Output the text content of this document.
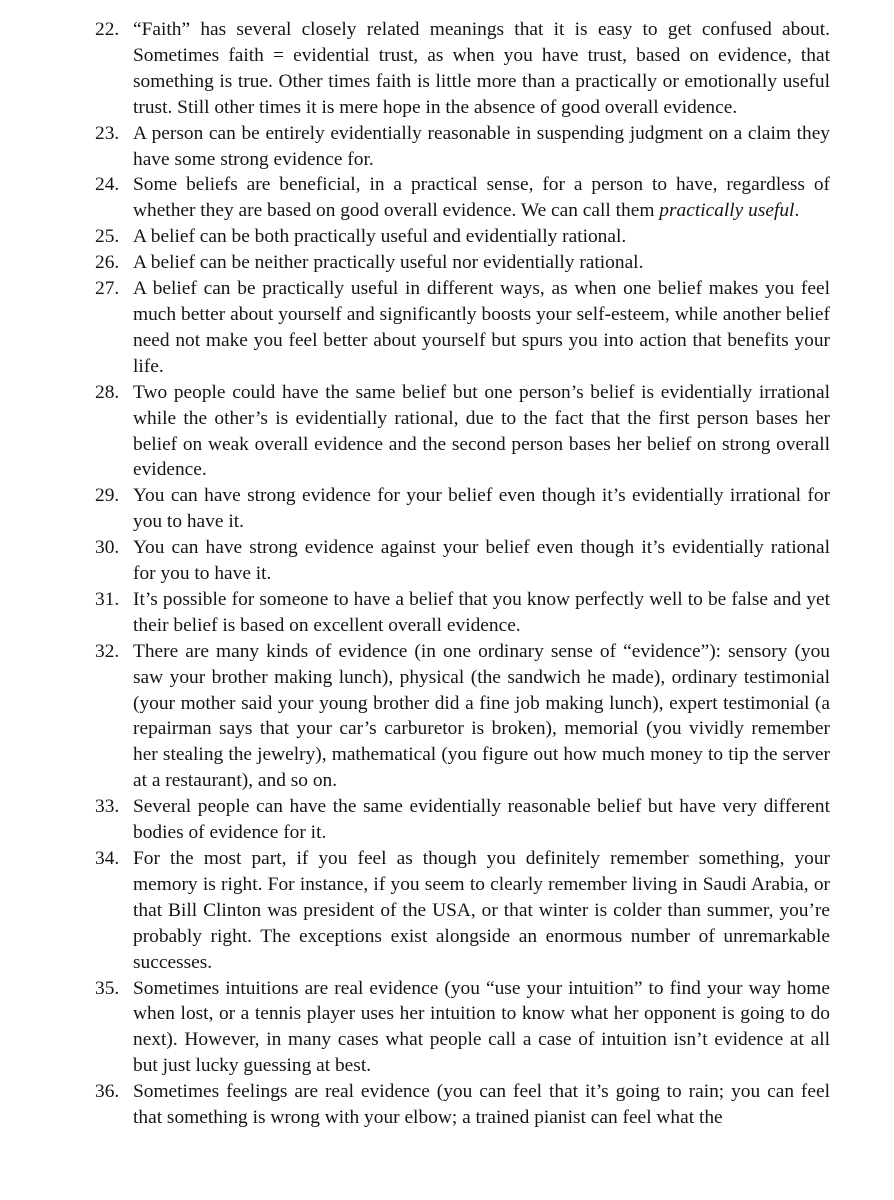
22. “Faith” has several closely related meanings that it is easy to get confused about. Sometimes faith = evidential trust, as when you have trust, based on evidence, that something is true. Other times faith is little more than a practically or emotionally useful trust. Still other times it is mere hope in the absence of good overall evidence.
23. A person can be entirely evidentially reasonable in suspending judgment on a claim they have some strong evidence for.
24. Some beliefs are beneficial, in a practical sense, for a person to have, regardless of whether they are based on good overall evidence. We can call them practically useful.
25. A belief can be both practically useful and evidentially rational.
26. A belief can be neither practically useful nor evidentially rational.
27. A belief can be practically useful in different ways, as when one belief makes you feel much better about yourself and significantly boosts your self-esteem, while another belief need not make you feel better about yourself but spurs you into action that benefits your life.
28. Two people could have the same belief but one person’s belief is evidentially irrational while the other’s is evidentially rational, due to the fact that the first person bases her belief on weak overall evidence and the second person bases her belief on strong overall evidence.
29. You can have strong evidence for your belief even though it’s evidentially irrational for you to have it.
30. You can have strong evidence against your belief even though it’s evidentially rational for you to have it.
31. It’s possible for someone to have a belief that you know perfectly well to be false and yet their belief is based on excellent overall evidence.
32. There are many kinds of evidence (in one ordinary sense of “evidence”): sensory (you saw your brother making lunch), physical (the sandwich he made), ordinary testimonial (your mother said your young brother did a fine job making lunch), expert testimonial (a repairman says that your car’s carburetor is broken), memorial (you vividly remember her stealing the jewelry), mathematical (you figure out how much money to tip the server at a restaurant), and so on.
33. Several people can have the same evidentially reasonable belief but have very different bodies of evidence for it.
34. For the most part, if you feel as though you definitely remember something, your memory is right. For instance, if you seem to clearly remember living in Saudi Arabia, or that Bill Clinton was president of the USA, or that winter is colder than summer, you’re probably right. The exceptions exist alongside an enormous number of unremarkable successes.
35. Sometimes intuitions are real evidence (you “use your intuition” to find your way home when lost, or a tennis player uses her intuition to know what her opponent is going to do next). However, in many cases what people call a case of intuition isn’t evidence at all but just lucky guessing at best.
36. Sometimes feelings are real evidence (you can feel that it’s going to rain; you can feel that something is wrong with your elbow; a trained pianist can feel what the
